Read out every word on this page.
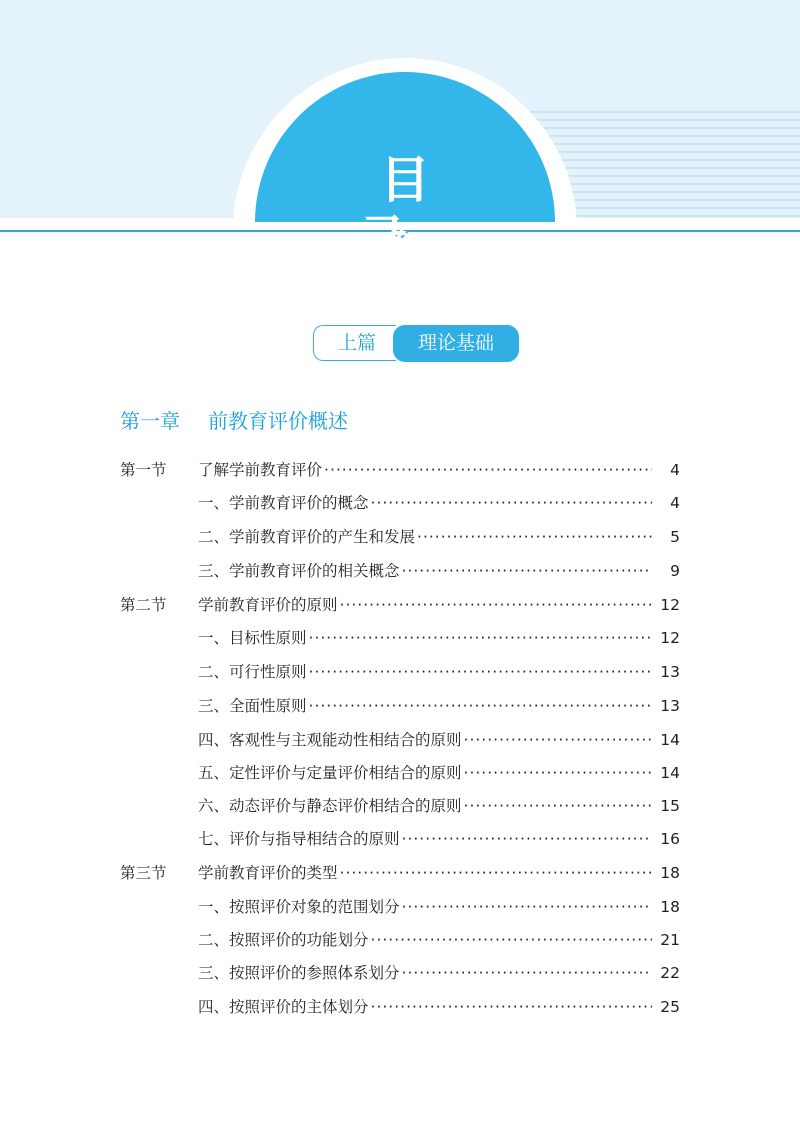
目 录
上篇	理论基础
第一章 前教育评价概述
第一节 了解学前教育评价 ·····	4
一、学前教育评价的概念 ·····	4
二、学前教育评价的产生和发展 ·····	5
三、学前教育评价的相关概念 ·····	9
第二节 学前教育评价的原则 ·····	12
一、目标性原则 ·····	12
二、可行性原则 ·····	13
三、全面性原则 ·····	13
四、客观性与主观能动性相结合的原则 ·····	14
五、定性评价与定量评价相结合的原则 ·····	14
六、动态评价与静态评价相结合的原则 ·····	15
七、评价与指导相结合的原则 ·····	16
第三节 学前教育评价的类型 ·····	18
一、按照评价对象的范围划分 ·····	18
二、按照评价的功能划分 ·····	21
三、按照评价的参照体系划分 ·····	22
四、按照评价的主体划分 ·····	25
